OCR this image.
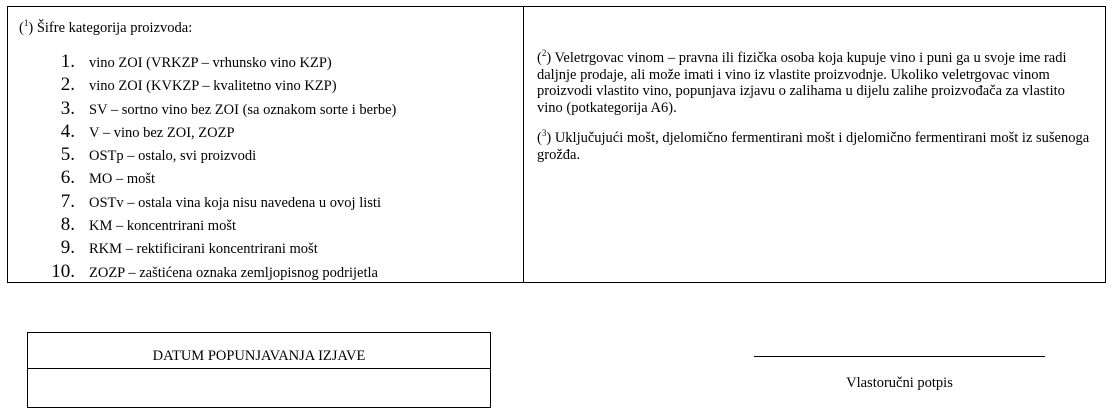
($^1$) Šifre kategorija proizvoda:

1. vino ZOI (VRKZP – vrhunsko vino KZP)
2. vino ZOI (KVKZP – kvalitetno vino KZP)
3. SV – sortno vino bez ZOI (sa oznakom sorte i berbe)
4. V – vino bez ZOI, ZOZP
5. OSTp – ostalo, svi proizvodi
6. MO – mošt
7. OSTv – ostala vina koja nisu navedena u ovoj listi
8. KM – koncentrirani mošt
9. RKM – rektificirani koncentrirani mošt
10. ZOZP – zaštićena oznaka zemljopisnog podrijetla

($^2$) Veletrgovac vinom – pravna ili fizička osoba koja kupuje vino i puni ga u svoje ime radi daljnje prodaje, ali može imati i vino iz vlastite proizvodnje. Ukoliko veletrgovac vinom proizvodi vlastito vino, popunjava izjavu o zalihama u dijelu zalihe proizvođača za vlastito vino (potkategorija A6).

($^3$) Uključujući mošt, djelomično fermentirani mošt i djelomično fermentirani mošt iz sušenoga grožđa.

DATUM POPUNJAVANJA IZJAVE
Vlastoručni potpis
